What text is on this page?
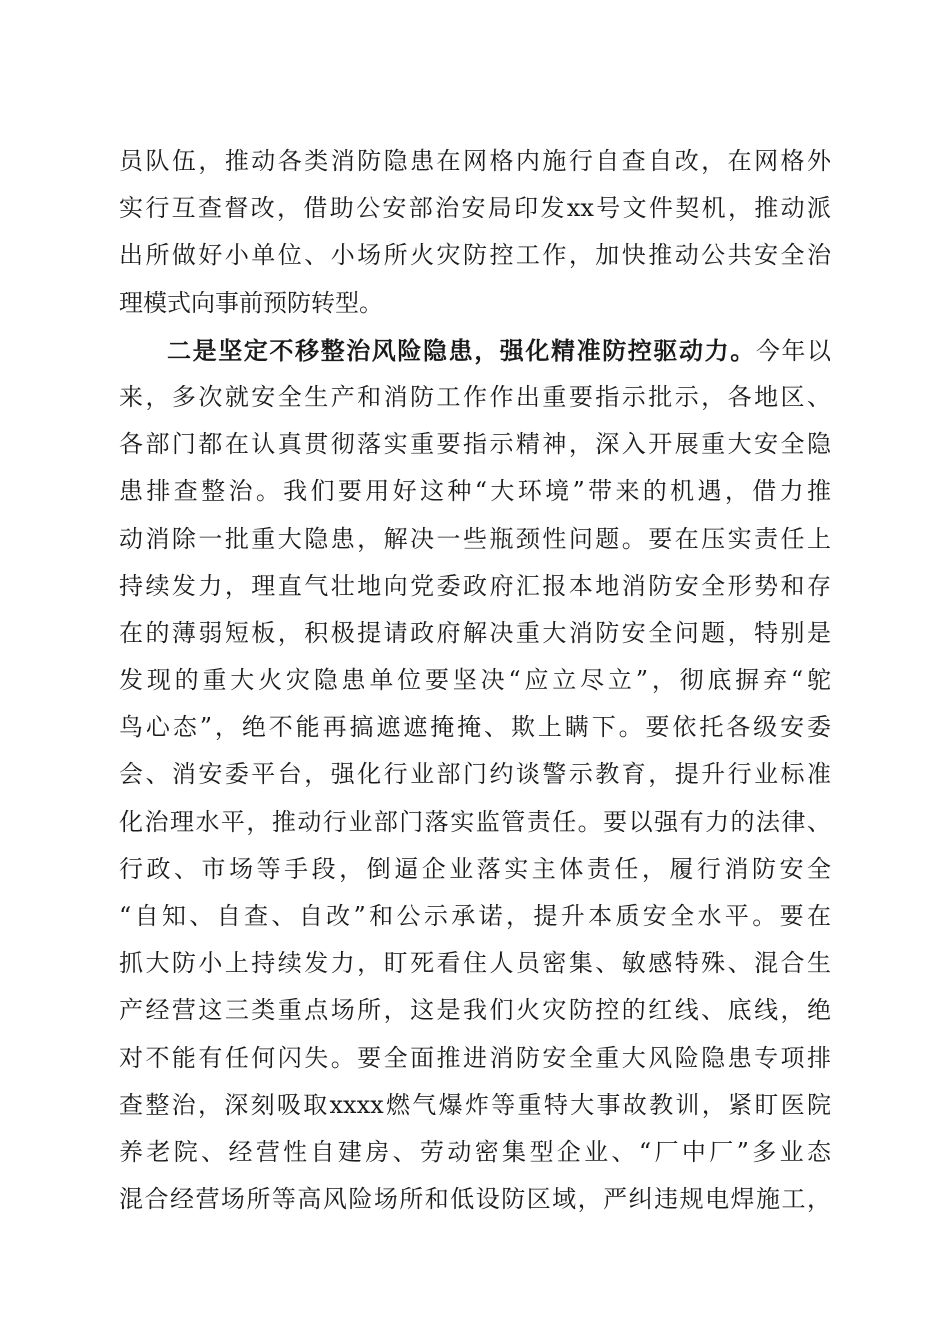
员队伍，推动各类消防隐患在网格内施行自查自改，在网格外
实行互查督改，借助公安部治安局印发xx号文件契机，推动派
出所做好小单位、小场所火灾防控工作，加快推动公共安全治
理模式向事前预防转型。
二是坚定不移整治风险隐患，强化精准防控驱动力。今年以
来，多次就安全生产和消防工作作出重要指示批示，各地区、
各部门都在认真贯彻落实重要指示精神，深入开展重大安全隐
患排查整治。我们要用好这种“大环境”带来的机遇，借力推
动消除一批重大隐患，解决一些瓶颈性问题。要在压实责任上
持续发力，理直气壮地向党委政府汇报本地消防安全形势和存
在的薄弱短板，积极提请政府解决重大消防安全问题，特别是
发现的重大火灾隐患单位要坚决“应立尽立”，彻底摒弃“鸵
鸟心态”，绝不能再搞遮遮掩掩、欺上瞒下。要依托各级安委
会、消安委平台，强化行业部门约谈警示教育，提升行业标准
化治理水平，推动行业部门落实监管责任。要以强有力的法律、
行政、市场等手段，倒逼企业落实主体责任，履行消防安全
“自知、自查、自改”和公示承诺，提升本质安全水平。要在
抓大防小上持续发力，盯死看住人员密集、敏感特殊、混合生
产经营这三类重点场所，这是我们火灾防控的红线、底线，绝
对不能有任何闪失。要全面推进消防安全重大风险隐患专项排
查整治，深刻吸取xxxx燃气爆炸等重特大事故教训，紧盯医院
养老院、经营性自建房、劳动密集型企业、“厂中厂”多业态
混合经营场所等高风险场所和低设防区域，严纠违规电焊施工，
